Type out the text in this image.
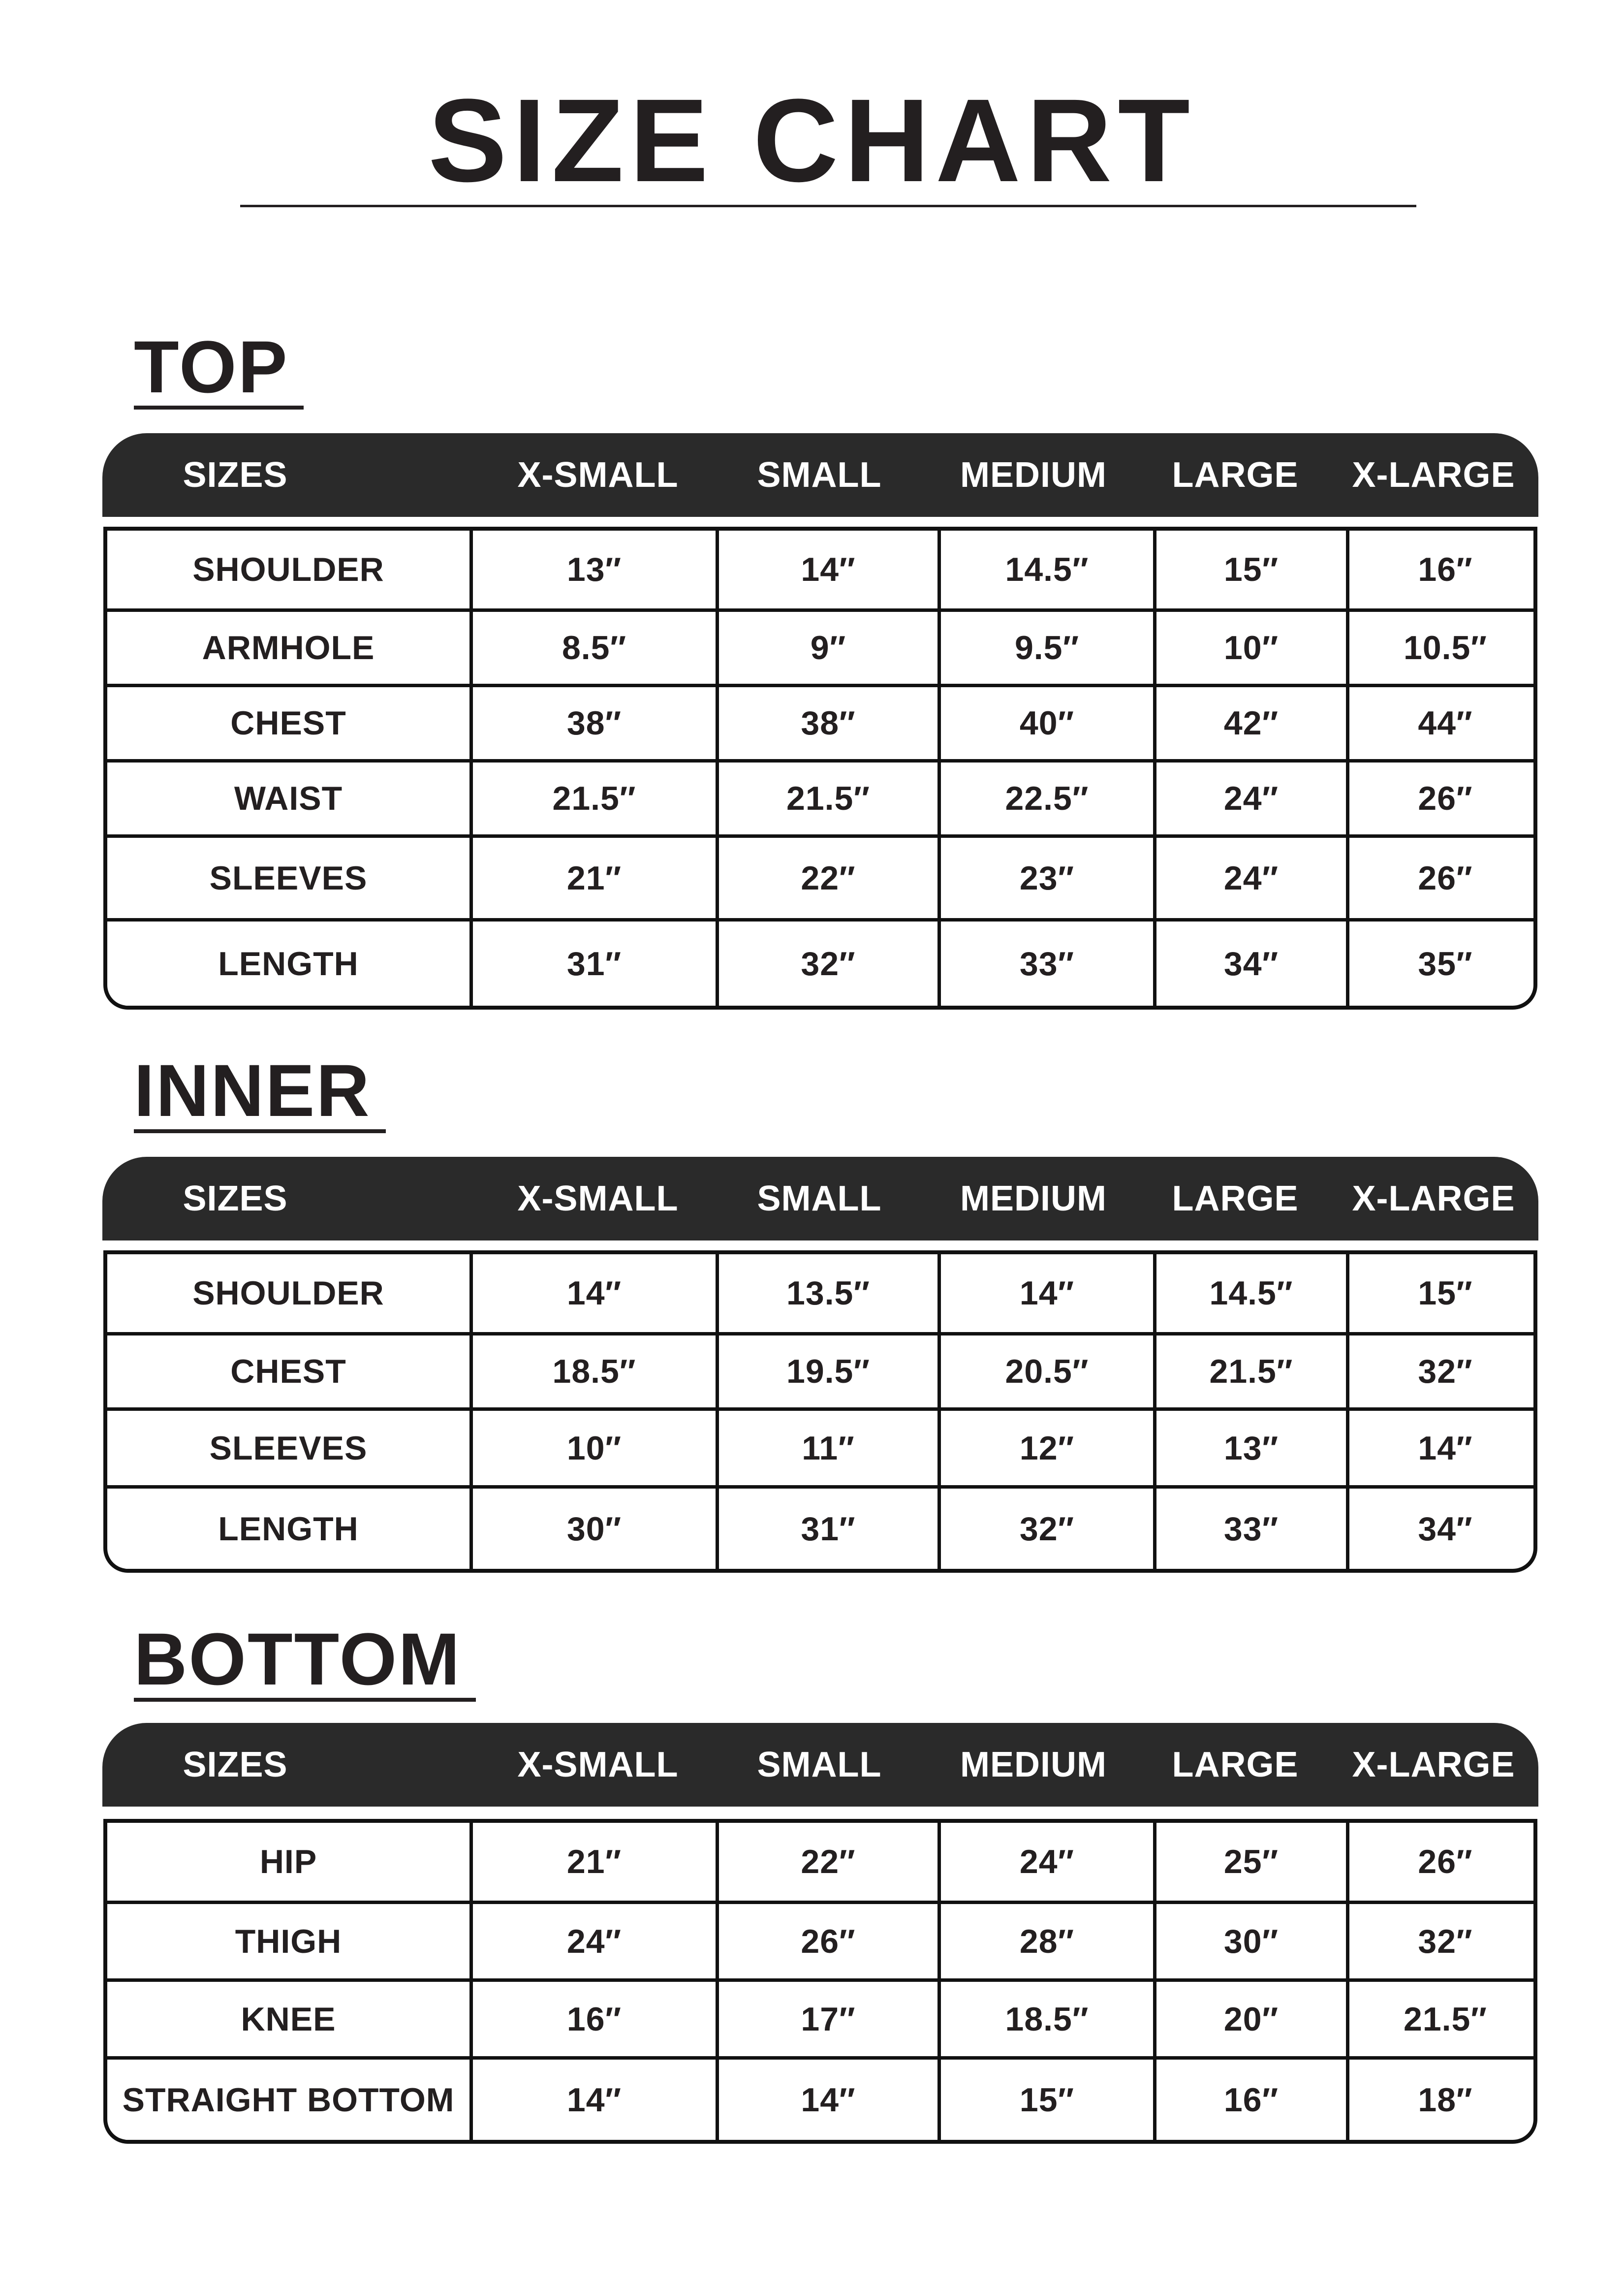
SIZE CHART
TOP
SIZES	X-SMALL	SMALL	MEDIUM	LARGE	X-LARGE
SHOULDER	13″	14″	14.5″	15″	16″
ARMHOLE	8.5″	9″	9.5″	10″	10.5″
CHEST	38″	38″	40″	42″	44″
WAIST	21.5″	21.5″	22.5″	24″	26″
SLEEVES	21″	22″	23″	24″	26″
LENGTH	31″	32″	33″	34″	35″
INNER
SIZES	X-SMALL	SMALL	MEDIUM	LARGE	X-LARGE
SHOULDER	14″	13.5″	14″	14.5″	15″
CHEST	18.5″	19.5″	20.5″	21.5″	32″
SLEEVES	10″	11″	12″	13″	14″
LENGTH	30″	31″	32″	33″	34″
BOTTOM
SIZES	X-SMALL	SMALL	MEDIUM	LARGE	X-LARGE
HIP	21″	22″	24″	25″	26″
THIGH	24″	26″	28″	30″	32″
KNEE	16″	17″	18.5″	20″	21.5″
STRAIGHT BOTTOM	14″	14″	15″	16″	18″
